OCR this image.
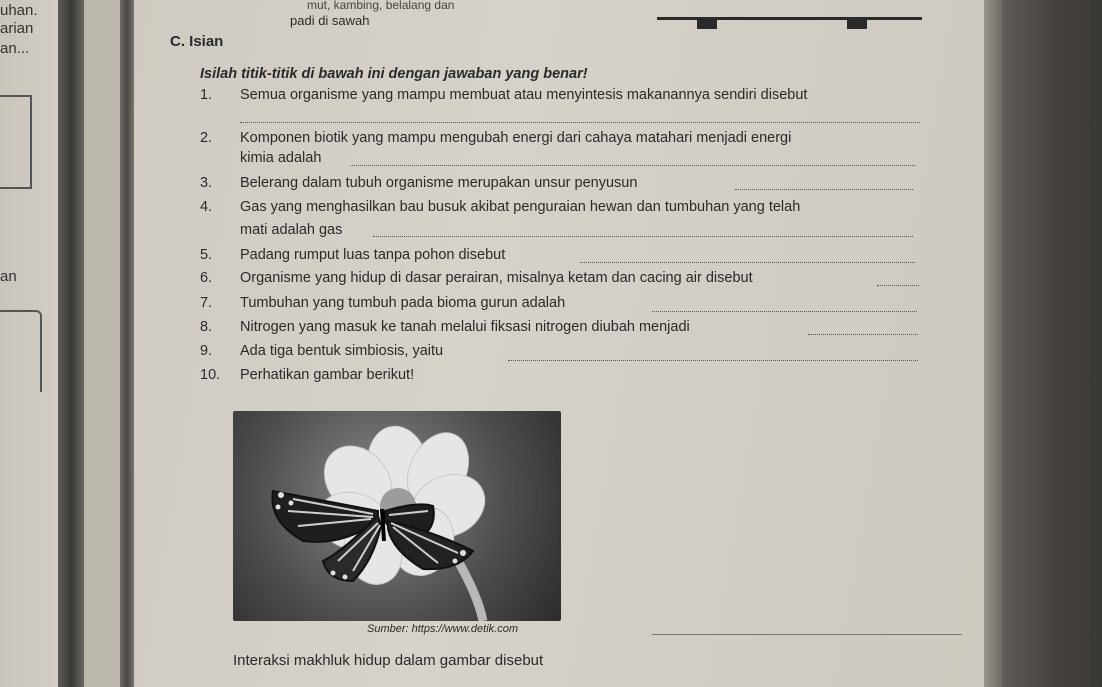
uhan.
arian
an...
an
mut, kambing, belalang dan
padi di sawah
C. Isian
Isilah titik-titik di bawah ini dengan jawaban yang benar!
1. Semua organisme yang mampu membuat atau menyintesis makanannya sendiri disebut
2. Komponen biotik yang mampu mengubah energi dari cahaya matahari menjadi energi
kimia adalah
3. Belerang dalam tubuh organisme merupakan unsur penyusun
4. Gas yang menghasilkan bau busuk akibat penguraian hewan dan tumbuhan yang telah
mati adalah gas
5. Padang rumput luas tanpa pohon disebut
6. Organisme yang hidup di dasar perairan, misalnya ketam dan cacing air disebut
7. Tumbuhan yang tumbuh pada bioma gurun adalah
8. Nitrogen yang masuk ke tanah melalui fiksasi nitrogen diubah menjadi
9. Ada tiga bentuk simbiosis, yaitu
10. Perhatikan gambar berikut!
Sumber: https://www.detik.com
Interaksi makhluk hidup dalam gambar disebut
